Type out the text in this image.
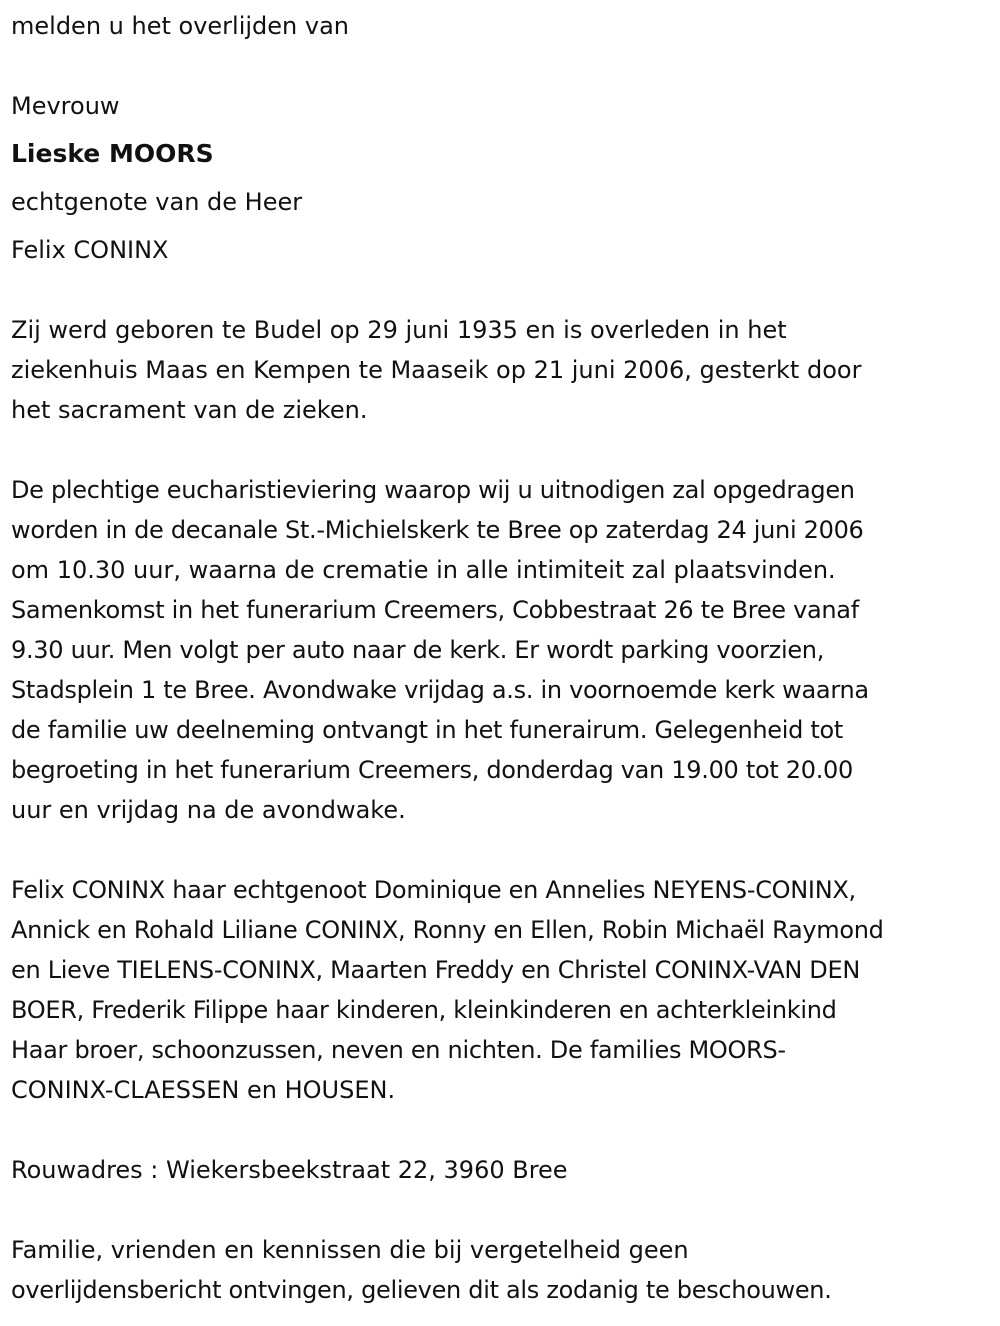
melden u het overlijden van

Mevrouw

Lieske MOORS

echtgenote van de Heer

Felix CONINX

Zij werd geboren te Budel op 29 juni 1935 en is overleden in het

ziekenhuis Maas en Kempen te Maaseik op 21 juni 2006, gesterkt door

het sacrament van de zieken.

De plechtige eucharistieviering waarop wij u uitnodigen zal opgedragen

worden in de decanale St.-Michielskerk te Bree op zaterdag 24 juni 2006

om 10.30 uur, waarna de crematie in alle intimiteit zal plaatsvinden.

Samenkomst in het funerarium Creemers, Cobbestraat 26 te Bree vanaf

9.30 uur. Men volgt per auto naar de kerk. Er wordt parking voorzien,

Stadsplein 1 te Bree. Avondwake vrijdag a.s. in voornoemde kerk waarna

de familie uw deelneming ontvangt in het funerairum. Gelegenheid tot

begroeting in het funerarium Creemers, donderdag van 19.00 tot 20.00

uur en vrijdag na de avondwake.

Felix CONINX haar echtgenoot Dominique en Annelies NEYENS-CONINX,

Annick en Rohald Liliane CONINX, Ronny en Ellen, Robin Michaël Raymond

en Lieve TIELENS-CONINX, Maarten Freddy en Christel CONINX-VAN DEN

BOER, Frederik Filippe haar kinderen, kleinkinderen en achterkleinkind

Haar broer, schoonzussen, neven en nichten. De families MOORS-

CONINX-CLAESSEN en HOUSEN.

Rouwadres : Wiekersbeekstraat 22, 3960 Bree

Familie, vrienden en kennissen die bij vergetelheid geen

overlijdensbericht ontvingen, gelieven dit als zodanig te beschouwen.
